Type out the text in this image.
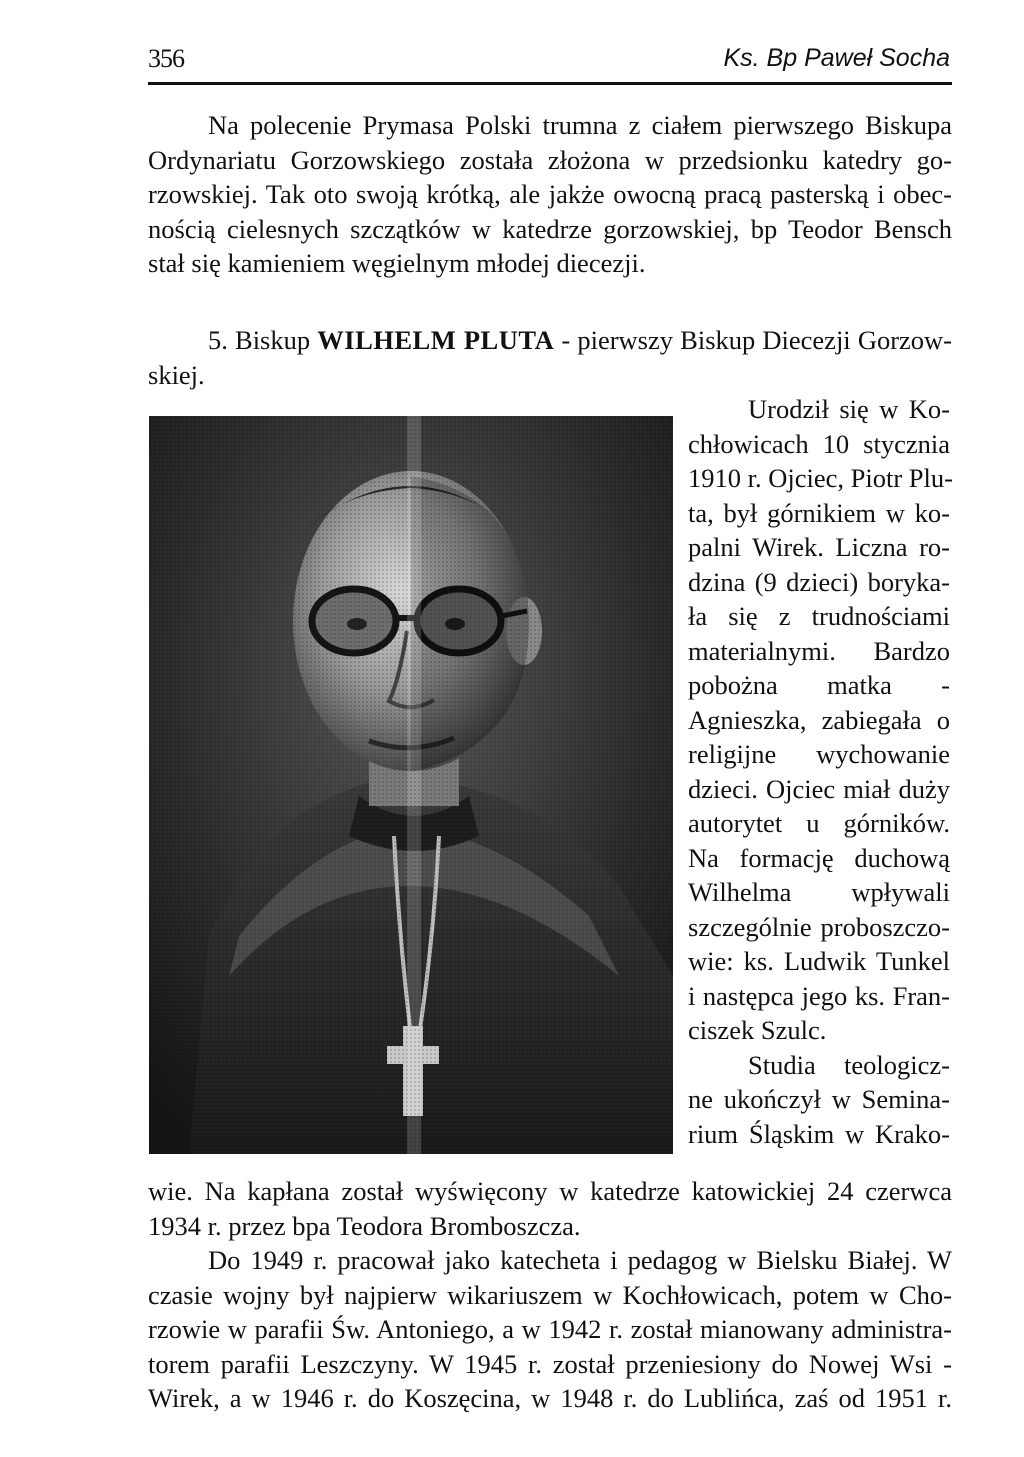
356	Ks. Bp Paweł Socha
Na polecenie Prymasa Polski trumna z ciałem pierwszego Biskupa
Ordynariatu Gorzowskiego została złożona w przedsionku katedry go-
rzowskiej. Tak oto swoją krótką, ale jakże owocną pracą pasterską i obec-
nością cielesnych szczątków w katedrze gorzowskiej, bp Teodor Bensch
stał się kamieniem węgielnym młodej diecezji.
5. Biskup WILHELM PLUTA - pierwszy Biskup Diecezji Gorzow-
skiej.
Urodził się w Ko-
chłowicach 10 stycznia
1910 r. Ojciec, Piotr Plu-
ta, był górnikiem w ko-
palni Wirek. Liczna ro-
dzina (9 dzieci) boryka-
ła się z trudnościami
materialnymi. Bardzo
pobożna matka -
Agnieszka, zabiegała o
religijne wychowanie
dzieci. Ojciec miał duży
autorytet u górników.
Na formację duchową
Wilhelma wpływali
szczególnie proboszczo-
wie: ks. Ludwik Tunkel
i następca jego ks. Fran-
ciszek Szulc.
Studia teologicz-
ne ukończył w Semina-
rium Śląskim w Krako-
wie. Na kapłana został wyświęcony w katedrze katowickiej 24 czerwca
1934 r. przez bpa Teodora Bromboszcza.
Do 1949 r. pracował jako katecheta i pedagog w Bielsku Białej. W
czasie wojny był najpierw wikariuszem w Kochłowicach, potem w Cho-
rzowie w parafii Św. Antoniego, a w 1942 r. został mianowany administra-
torem parafii Leszczyny. W 1945 r. został przeniesiony do Nowej Wsi -
Wirek, a w 1946 r. do Koszęcina, w 1948 r. do Lublińca, zaś od 1951 r.
